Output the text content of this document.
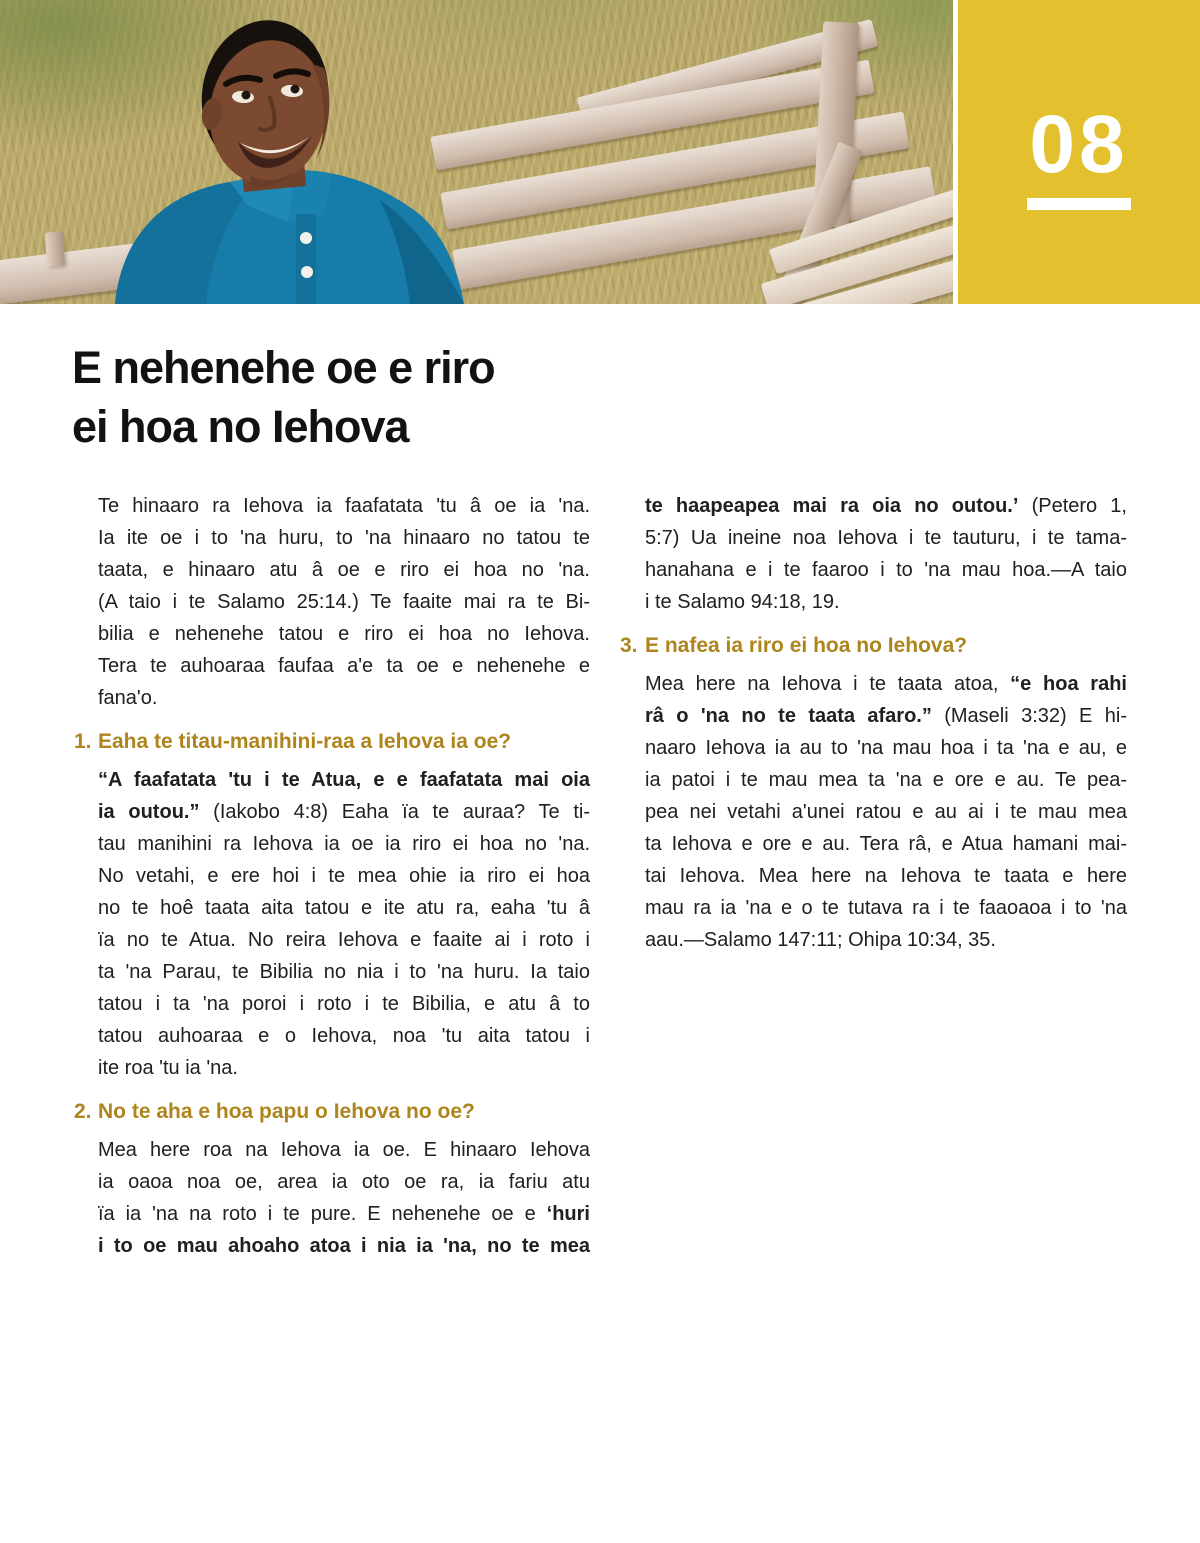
08
E nehenehe oe e riro
ei hoa no Iehova
Te hinaaro ra Iehova ia faafatata 'tu â oe ia 'na.
Ia ite oe i to 'na huru, to 'na hinaaro no tatou te
taata, e hinaaro atu â oe e riro ei hoa no 'na.
(A taio i te Salamo 25:14.) Te faaite mai ra te Bi-
bilia e nehenehe tatou e riro ei hoa no Iehova.
Tera te auhoaraa faufaa a'e ta oe e nehenehe e
fana'o.
1. Eaha te titau-manihini-raa a Iehova ia oe?
“A faafatata 'tu i te Atua, e e faafatata mai oia
ia outou.” (Iakobo 4:8) Eaha ïa te auraa? Te ti-
tau manihini ra Iehova ia oe ia riro ei hoa no 'na.
No vetahi, e ere hoi i te mea ohie ia riro ei hoa
no te hoê taata aita tatou e ite atu ra, eaha 'tu â
ïa no te Atua. No reira Iehova e faaite ai i roto i
ta 'na Parau, te Bibilia no nia i to 'na huru. Ia taio
tatou i ta 'na poroi i roto i te Bibilia, e atu â to
tatou auhoaraa e o Iehova, noa 'tu aita tatou i
ite roa 'tu ia 'na.
2. No te aha e hoa papu o Iehova no oe?
Mea here roa na Iehova ia oe. E hinaaro Iehova
ia oaoa noa oe, area ia oto oe ra, ia fariu atu
ïa ia 'na na roto i te pure. E nehenehe oe e ‘huri
i to oe mau ahoaho atoa i nia ia 'na, no te mea
te haapeapea mai ra oia no outou.’ (Petero 1,
5:7) Ua ineine noa Iehova i te tauturu, i te tama-
hanahana e i te faaroo i to 'na mau hoa.—A taio
i te Salamo 94:18, 19.
3. E nafea ia riro ei hoa no Iehova?
Mea here na Iehova i te taata atoa, “e hoa rahi
râ o 'na no te taata afaro.” (Maseli 3:32) E hi-
naaro Iehova ia au to 'na mau hoa i ta 'na e au, e
ia patoi i te mau mea ta 'na e ore e au. Te pea-
pea nei vetahi a'unei ratou e au ai i te mau mea
ta Iehova e ore e au. Tera râ, e Atua hamani mai-
tai Iehova. Mea here na Iehova te taata e here
mau ra ia 'na e o te tutava ra i te faaoaoa i to 'na
aau.—Salamo 147:11; Ohipa 10:34, 35.
